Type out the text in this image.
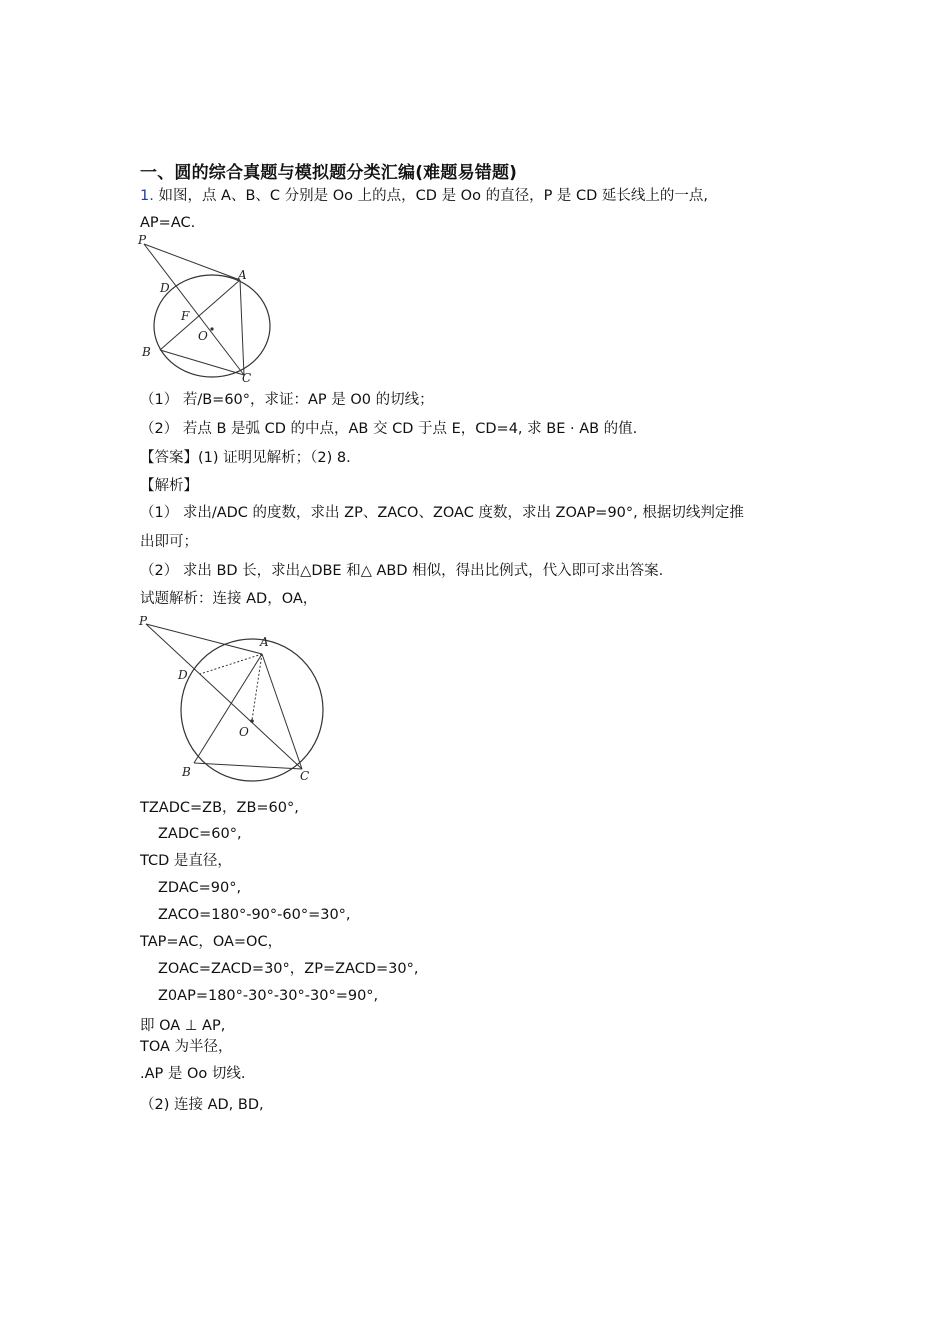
一、圆的综合真题与模拟题分类汇编(难题易错题)
1. 如图，点 A、B、C 分别是 Oo 上的点，CD 是 Oo 的直径，P 是 CD 延长线上的一点,
AP=AC.
P
A
D
F
O
B
C
（1） 若/B=60°，求证：AP 是 O0 的切线；
（2） 若点 B 是弧 CD 的中点，AB 交 CD 于点 E，CD=4, 求 BE · AB 的值.
【答案】(1) 证明见解析；（2) 8.
【解析】
（1） 求出/ADC 的度数，求出 ZP、ZACO、ZOAC 度数，求出 ZOAP=90°, 根据切线判定推
出即可；
（2） 求出 BD 长，求出△DBE 和△ ABD 相似，得出比例式，代入即可求出答案.
试题解析：连接 AD，OA，
P
A
D
O
B	C
TZADC=ZB，ZB=60°,
ZADC=60°,
TCD 是直径，
ZDAC=90°,
ZACO=180°-90°-60°=30°,
TAP=AC，OA=OC，
ZOAC=ZACD=30°，ZP=ZACD=30°,
Z0AP=180°-30°-30°-30°=90°,
即 OA ⊥ AP,
TOA 为半径，
.AP 是 Oo 切线.
（2) 连接 AD, BD,
